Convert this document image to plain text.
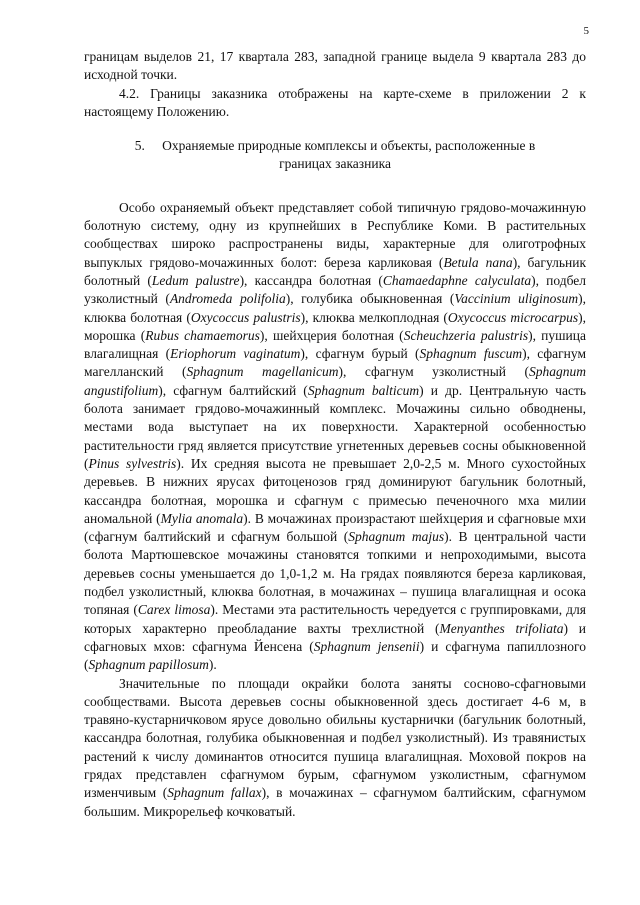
5

границам выделов 21, 17 квартала 283, западной границе выдела 9 квартала 283 до исходной точки.

4.2. Границы заказника отображены на карте-схеме в приложении 2 к настоящему Положению.

5. Охраняемые природные комплексы и объекты, расположенные в
границах заказника

Особо охраняемый объект представляет собой типичную грядово-мочажинную болотную систему, одну из крупнейших в Республике Коми. В растительных сообществах широко распространены виды, характерные для олиготрофных выпуклых грядово-мочажинных болот: береза карликовая (Betula nana), багульник болотный (Ledum palustre), кассандра болотная (Chamaedaphne calyculata), подбел узколистный (Andromeda polifolia), голубика обыкновенная (Vaccinium uliginosum), клюква болотная (Oxycoccus palustris), клюква мелкоплодная (Oxycoccus microcarpus), морошка (Rubus chamaemorus), шейхцерия болотная (Scheuchzeria palustris), пушица влагалищная (Eriophorum vaginatum), сфагнум бурый (Sphagnum fuscum), сфагнум магелланский (Sphagnum magellanicum), сфагнум узколистный (Sphagnum angustifolium), сфагнум балтийский (Sphagnum balticum) и др. Центральную часть болота занимает грядово-мочажинный комплекс. Мочажины сильно обводнены, местами вода выступает на их поверхности. Характерной особенностью растительности гряд является присутствие угнетенных деревьев сосны обыкновенной (Pinus sylvestris). Их средняя высота не превышает 2,0-2,5 м. Много сухостойных деревьев. В нижних ярусах фитоценозов гряд доминируют багульник болотный, кассандра болотная, морошка и сфагнум с примесью печеночного мха милии аномальной (Mylia anomala). В мочажинах произрастают шейхцерия и сфагновые мхи (сфагнум балтийский и сфагнум большой (Sphagnum majus). В центральной части болота Мартюшевское мочажины становятся топкими и непроходимыми, высота деревьев сосны уменьшается до 1,0-1,2 м. На грядах появляются береза карликовая, подбел узколистный, клюква болотная, в мочажинах – пушица влагалищная и осока топяная (Carex limosa). Местами эта растительность чередуется с группировками, для которых характерно преобладание вахты трехлистной (Menyanthes trifoliata) и сфагновых мхов: сфагнума Йенсена (Sphagnum jensenii) и сфагнума папиллозного (Sphagnum papillosum).

Значительные по площади окрайки болота заняты сосново-сфагновыми сообществами. Высота деревьев сосны обыкновенной здесь достигает 4-6 м, в травяно-кустарничковом ярусе довольно обильны кустарнички (багульник болотный, кассандра болотная, голубика обыкновенная и подбел узколистный). Из травянистых растений к числу доминантов относится пушица влагалищная. Моховой покров на грядах представлен сфагнумом бурым, сфагнумом узколистным, сфагнумом изменчивым (Sphagnum fallax), в мочажинах – сфагнумом балтийским, сфагнумом большим. Микрорельеф кочковатый.
